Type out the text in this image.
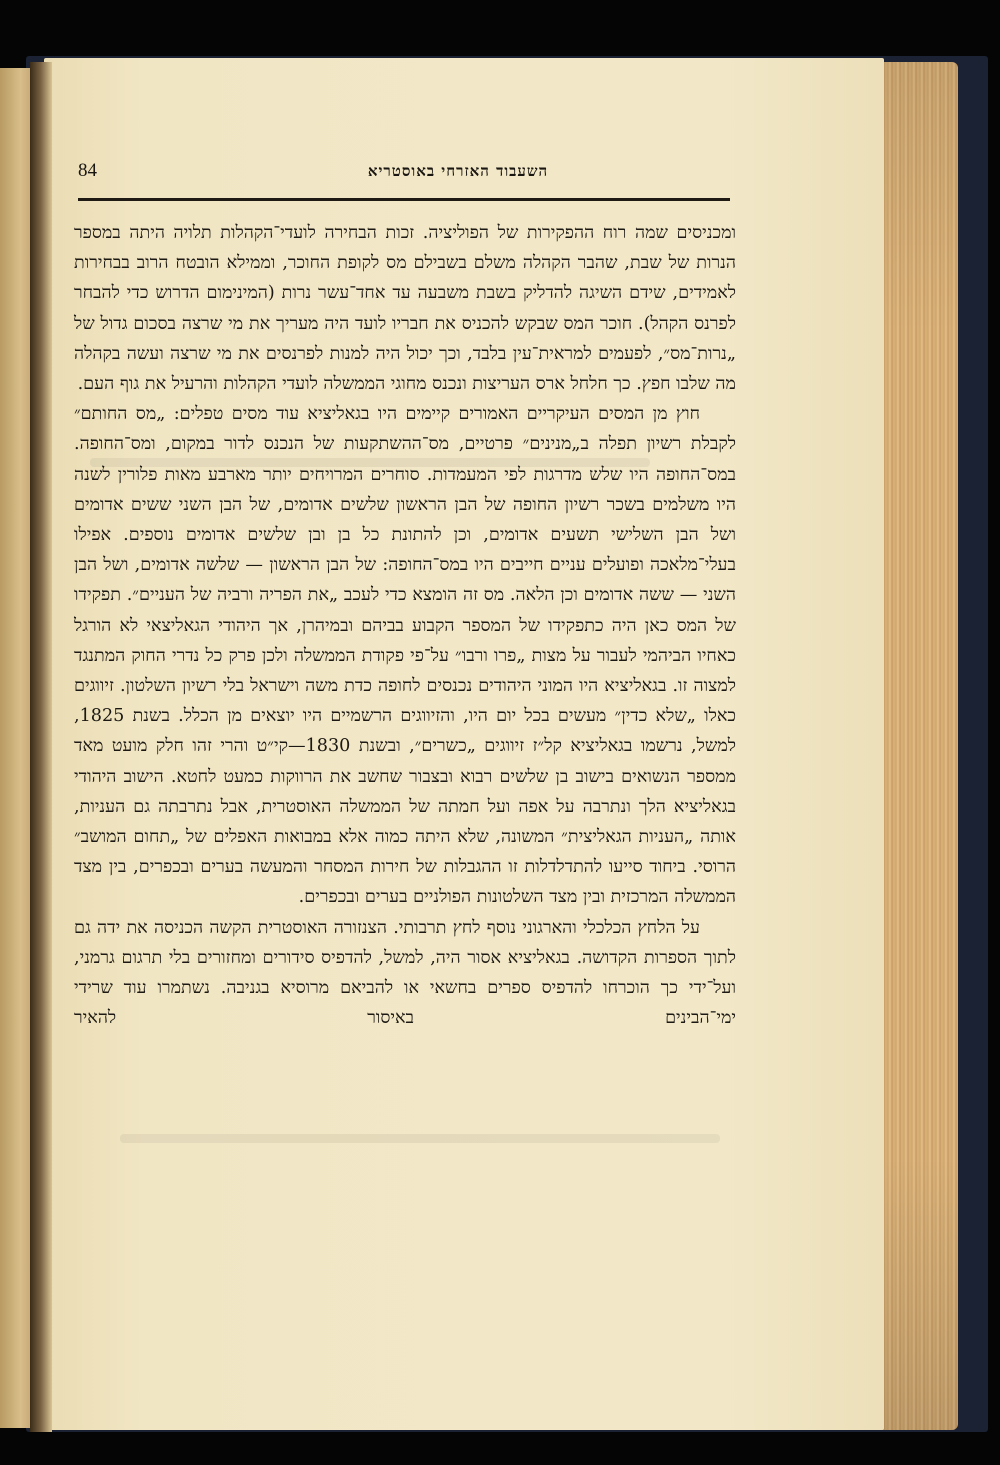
84	השעבוד האזרחי באוסטריא

ומכניסים שמה רוח ההפקירות של הפוליציה. זכות הבחירה לועדי־הקהלות תלויה היתה במספר הנרות של שבת, שהבר הקהלה משלם בשבילם מס לקופת החוכר, וממילא הובטח הרוב בבחירות לאמידים, שידם השיגה להדליק בשבת משבעה עד אחד־עשר נרות (המינימום הדרוש כדי להבחר לפרנס הקהל). חוכר המס שבקש להכניס את חבריו לועד היה מעריך את מי שרצה בסכום גדול של „נרות־מס״, לפעמים למראית־עין בלבד, וכך יכול היה למנות לפרנסים את מי שרצה ועשה בקהלה מה שלבו חפץ. כך חלחל ארס העריצות ונכנס מחוגי הממשלה לועדי הקהלות והרעיל את גוף העם.

חוץ מן המסים העיקריים האמורים קיימים היו בגאליציא עוד מסים טפלים: „מס החותם״ לקבלת רשיון תפלה ב„מנינים״ פרטיים, מס־ההשתקעות של הנכנס לדור במקום, ומס־החופה. במס־החופה היו שלש מדרגות לפי המעמדות. סוחרים המרויחים יותר מארבע מאות פלורין לשנה היו משלמים בשכר רשיון החופה של הבן הראשון שלשים אדומים, של הבן השני ששים אדומים ושל הבן השלישי תשעים אדומים, וכן להתונת כל בן ובן שלשים אדומים נוספים. אפילו בעלי־מלאכה ופועלים עניים חייבים היו במס־החופה: של הבן הראשון — שלשה אדומים, ושל הבן השני — ששה אדומים וכן הלאה. מס זה הומצא כדי לעכב „את הפריה ורביה של העניים״. תפקידו של המס כאן היה כתפקידו של המספר הקבוע בביהם ובמיהרן, אך היהודי הגאליצאי לא הורגל כאחיו הביהמי לעבור על מצות „פרו ורבו״ על־פי פקודת הממשלה ולכן פרק כל נדרי החוק המתנגד למצוה זו. בגאליציא היו המוני היהודים נכנסים לחופה כדת משה וישראל בלי רשיון השלטון. זיווגים כאלו „שלא כדין״ מעשים בכל יום היו, והזיווגים הרשמיים היו יוצאים מן הכלל. בשנת 1825, למשל, נרשמו בגאליציא קל״ז זיווגים „כשרים״, ובשנת 1830—קי״ט והרי זהו חלק מועט מאד ממספר הנשואים בישוב בן שלשים רבוא ובצבור שחשב את הרווקות כמעט לחטא. הישוב היהודי בגאליציא הלך ונתרבה על אפה ועל חמתה של הממשלה האוסטרית, אבל נתרבתה גם העניות, אותה „העניות הגאליצית״ המשונה, שלא היתה כמוה אלא במבואות האפלים של „תחום המושב״ הרוסי. ביחוד סייעו להתדלדלות זו ההגבלות של חירות המסחר והמעשה בערים ובכפרים, בין מצד הממשלה המרכזית ובין מצד השלטונות הפולניים בערים ובכפרים.

על הלחץ הכלכלי והארגוני נוסף לחץ תרבותי. הצנזורה האוסטרית הקשה הכניסה את ידה גם לתוך הספרות הקדושה. בגאליציא אסור היה, למשל, להדפיס סידורים ומחזורים בלי תרגום גרמני, ועל־ידי כך הוכרחו להדפיס ספרים בחשאי או להביאם מרוסיא בגניבה. נשתמרו עוד שרידי ימי־הבינים באיסור להאיר
